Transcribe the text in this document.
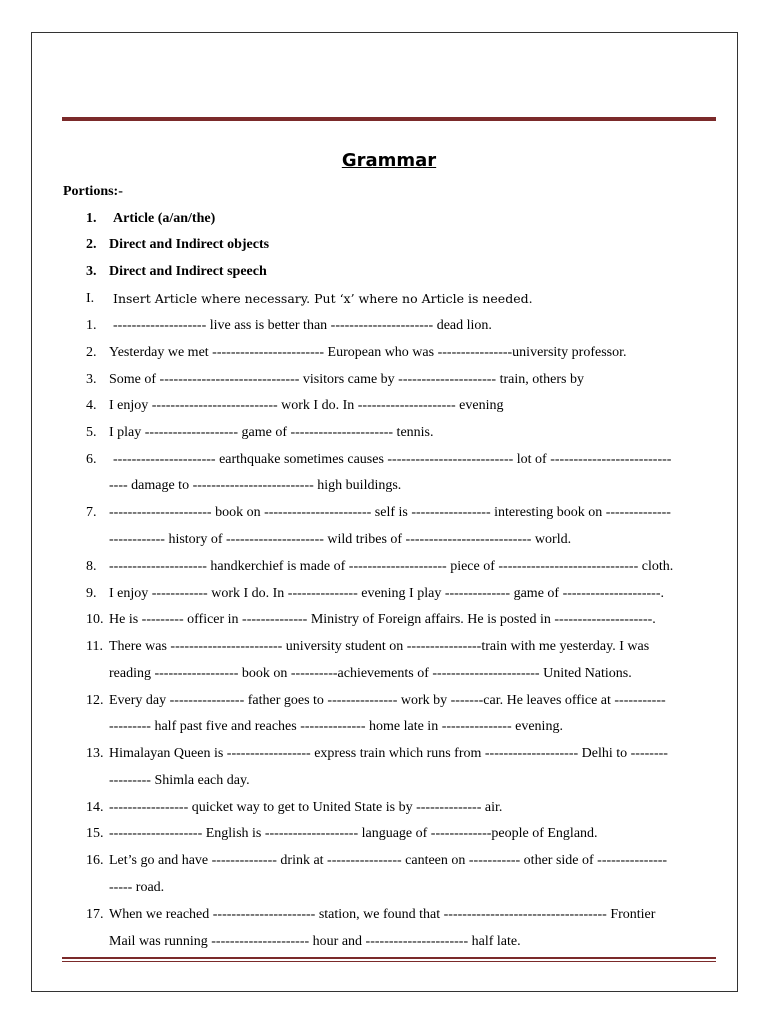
Grammar
Portions:-
1. Article (a/an/the)
2. Direct and Indirect objects
3. Direct and Indirect speech
I. Insert Article where necessary. Put ‘x’ where no Article is needed.
1. -------------------- live ass is better than ---------------------- dead lion.
2. Yesterday we met ------------------------ European who was ----------------university professor.
3. Some of ------------------------------ visitors came by --------------------- train, others by
4. I enjoy --------------------------- work I do. In --------------------- evening
5. I play -------------------- game of ---------------------- tennis.
6. ---------------------- earthquake sometimes causes --------------------------- lot of --------------------------
---- damage to -------------------------- high buildings.
7. ---------------------- book on ----------------------- self is ----------------- interesting book on --------------
------------ history of --------------------- wild tribes of --------------------------- world.
8. --------------------- handkerchief is made of --------------------- piece of ------------------------------ cloth.
9. I enjoy ------------ work I do. In --------------- evening I play -------------- game of ---------------------.
10. He is --------- officer in -------------- Ministry of Foreign affairs. He is posted in ---------------------.
11. There was ------------------------ university student on ----------------train with me yesterday. I was
reading ------------------ book on ----------achievements of ----------------------- United Nations.
12. Every day ---------------- father goes to --------------- work by -------car. He leaves office at -----------
--------- half past five and reaches -------------- home late in --------------- evening.
13. Himalayan Queen is ------------------ express train which runs from -------------------- Delhi to --------
--------- Shimla each day.
14. ----------------- quicket way to get to United State is by -------------- air.
15. -------------------- English is -------------------- language of -------------people of England.
16. Let’s go and have -------------- drink at ---------------- canteen on ----------- other side of ---------------
----- road.
17. When we reached ---------------------- station, we found that ----------------------------------- Frontier
Mail was running --------------------- hour and ---------------------- half late.
